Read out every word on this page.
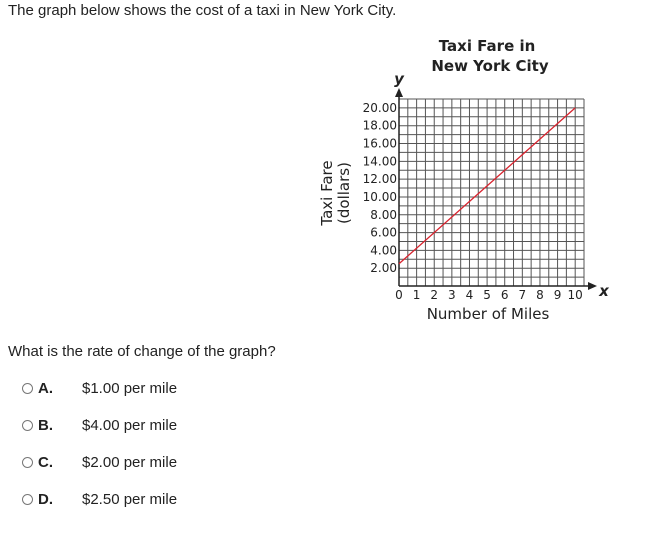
The graph below shows the cost of a taxi in New York City.
Taxi Fare in
New York City
2.00
4.00
6.00
8.00
10.00
12.00
14.00
16.00
18.00
20.00
0 1 2 3 4 5 6 7 8 9 10
y
x
Taxi Fare (dollars)
Number of Miles
What is the rate of change of the graph?
A.	$1.00 per mile
B.	$4.00 per mile
C.	$2.00 per mile
D.	$2.50 per mile
